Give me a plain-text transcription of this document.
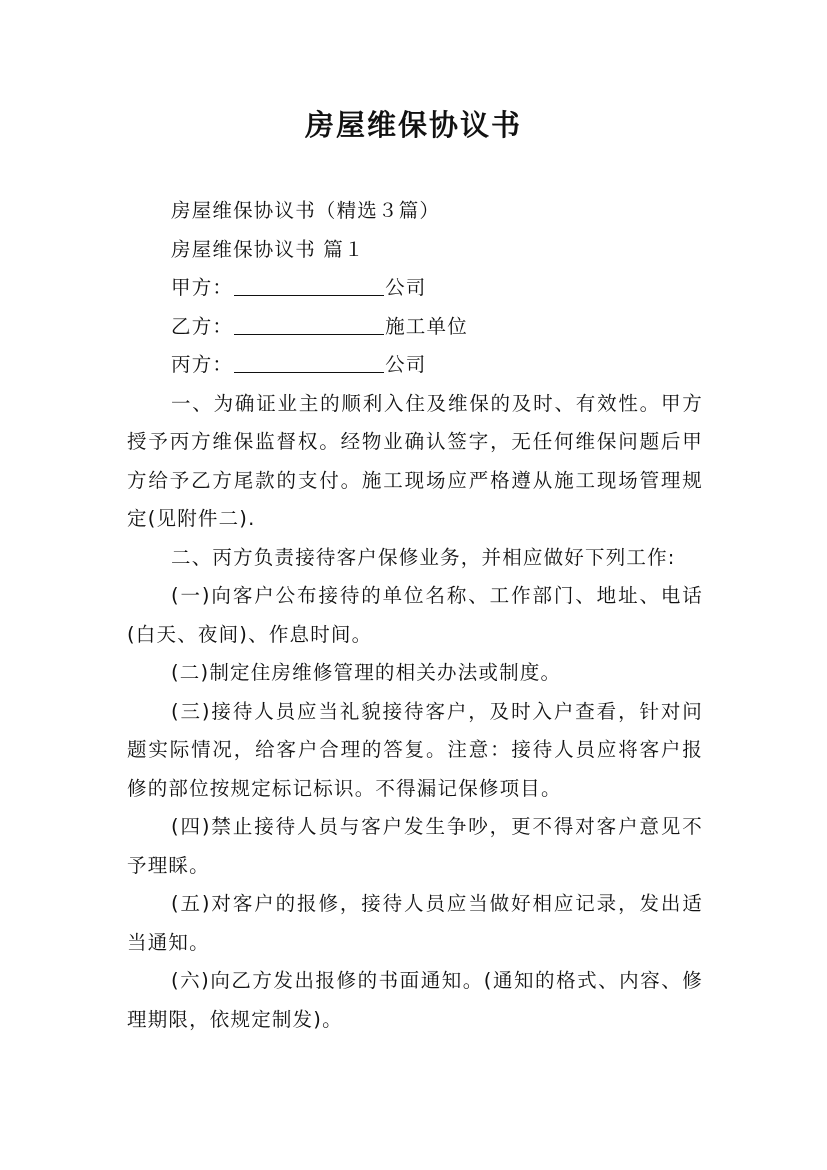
房屋维保协议书

房屋维保协议书（精选３篇）

房屋维保协议书 篇１

甲方：	公司

乙方：	施工单位

丙方：	公司

一、为确证业主的顺利入住及维保的及时、有效性。甲方授予丙方维保监督权。经物业确认签字，无任何维保问题后甲方给予乙方尾款的支付。施工现场应严格遵从施工现场管理规定(见附件二).

二、丙方负责接待客户保修业务，并相应做好下列工作:

(一)向客户公布接待的单位名称、工作部门、地址、电话(白天、夜间)、作息时间。

(二)制定住房维修管理的相关办法或制度。

(三)接待人员应当礼貌接待客户，及时入户查看，针对问题实际情况，给客户合理的答复。注意：接待人员应将客户报修的部位按规定标记标识。不得漏记保修项目。

(四)禁止接待人员与客户发生争吵，更不得对客户意见不予理睬。

(五)对客户的报修，接待人员应当做好相应记录，发出适当通知。

(六)向乙方发出报修的书面通知。(通知的格式、内容、修理期限，依规定制发)。
